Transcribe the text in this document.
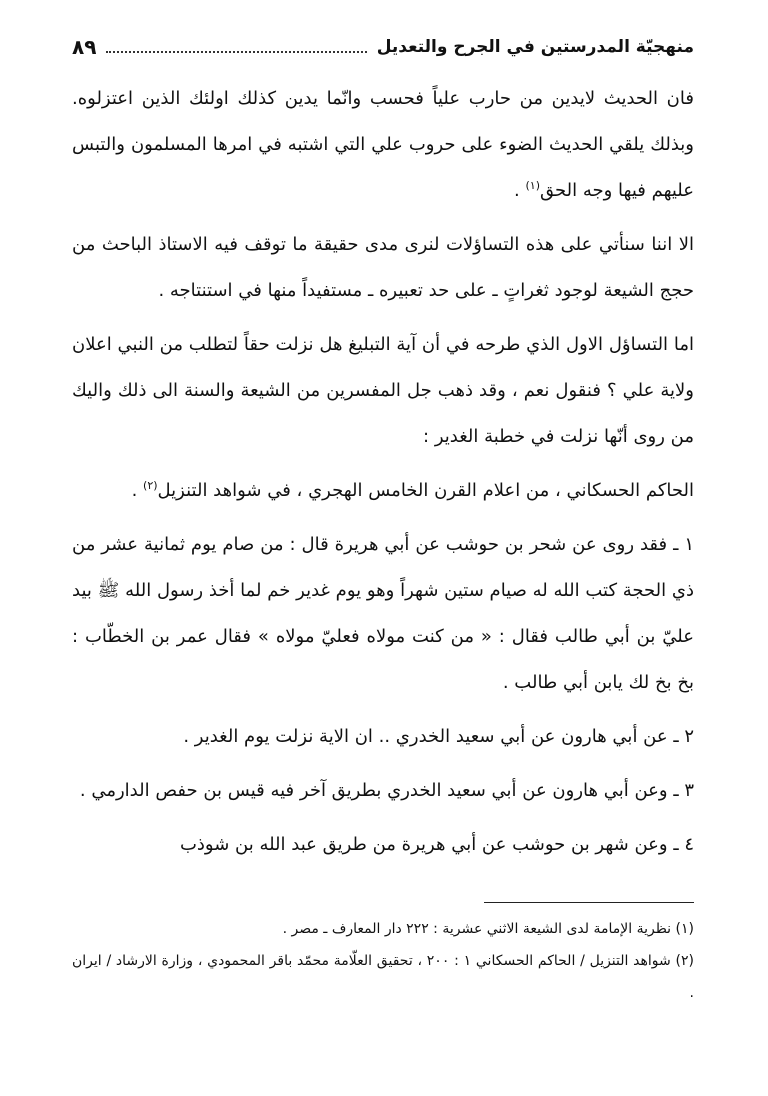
منهجيّة المدرستين في الجرح والتعديل
٨٩

فان الحديث لايدين من حارب علياً فحسب وانّما يدين كذلك اولئك الذين اعتزلوه. وبذلك يلقي الحديث الضوء على حروب علي التي اشتبه في امرها المسلمون والتبس عليهم فيها وجه الحق$^{(١)}$ .

الا اننا سنأتي على هذه التساؤلات لنرى مدى حقيقة ما توقف فيه الاستاذ الباحث من حجج الشيعة لوجود ثغراتٍ ـ على حد تعبيره ـ مستفيداً منها في استنتاجه .

اما التساؤل الاول الذي طرحه في أن آية التبليغ هل نزلت حقاً لتطلب من النبي اعلان ولاية علي ؟ فنقول نعم ، وقد ذهب جل المفسرين من الشيعة والسنة الى ذلك واليك من روى أنّها نزلت في خطبة الغدير :

الحاكم الحسكاني ، من اعلام القرن الخامس الهجري ، في شواهد التنزيل$^{(٢)}$ .

١ ـ فقد روى عن شحر بن حوشب عن أبي هريرة قال : من صام يوم ثمانية عشر من ذي الحجة كتب الله له صيام ستين شهراً وهو يوم غدير خم لما أخذ رسول الله ﷺ بيد عليّ بن أبي طالب فقال : « من كنت مولاه فعليّ مولاه » فقال عمر بن الخطّاب : بخ بخ لك يابن أبي طالب .

٢ ـ عن أبي هارون عن أبي سعيد الخدري .. ان الاية نزلت يوم الغدير .

٣ ـ وعن أبي هارون عن أبي سعيد الخدري بطريق آخر فيه قيس بن حفص الدارمي .

٤ ـ وعن شهر بن حوشب عن أبي هريرة من طريق عبد الله بن شوذب

(١) نظرية الإمامة لدى الشيعة الاثني عشرية : ٢٢٢ دار المعارف ـ مصر .

(٢) شواهد التنزيل / الحاكم الحسكاني ١ : ٢٠٠ ، تحقيق العلّامة محمّد باقر المحمودي ، وزارة الارشاد / ايران .
